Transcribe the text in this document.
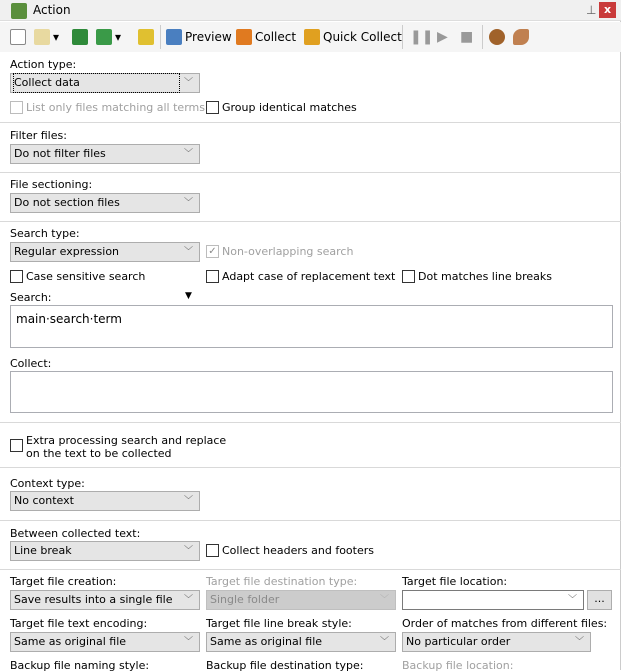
Action	⊥ x
▾	▾	Preview Collect Quick Collect ❚❚ ▶ ■
Action type:
Collect data	﹀
List only files matching all terms Group identical matches
Filter files:
Do not filter files	﹀
File sectioning:
Do not section files	﹀
Search type:
Regular expression	﹀ ✓ Non-overlapping search
Case sensitive search	Adapt case of replacement text Dot matches line breaks
Search:	▼
main·search·term
Collect:
Extra processing search and replace
on the text to be collected
Context type:
No context	﹀
Between collected text:
Line break	﹀	Collect headers and footers
Target file creation:
Save results into a single file ﹀
Target file destination type:
Single folder	﹀
Target file location:
﹀	...
Target file text encoding:
Same as original file	﹀
Target file line break style:
Same as original file	﹀
Order of matches from different files:
No particular order	﹀
Backup file naming style:	Backup file destination type:	Backup file location:
